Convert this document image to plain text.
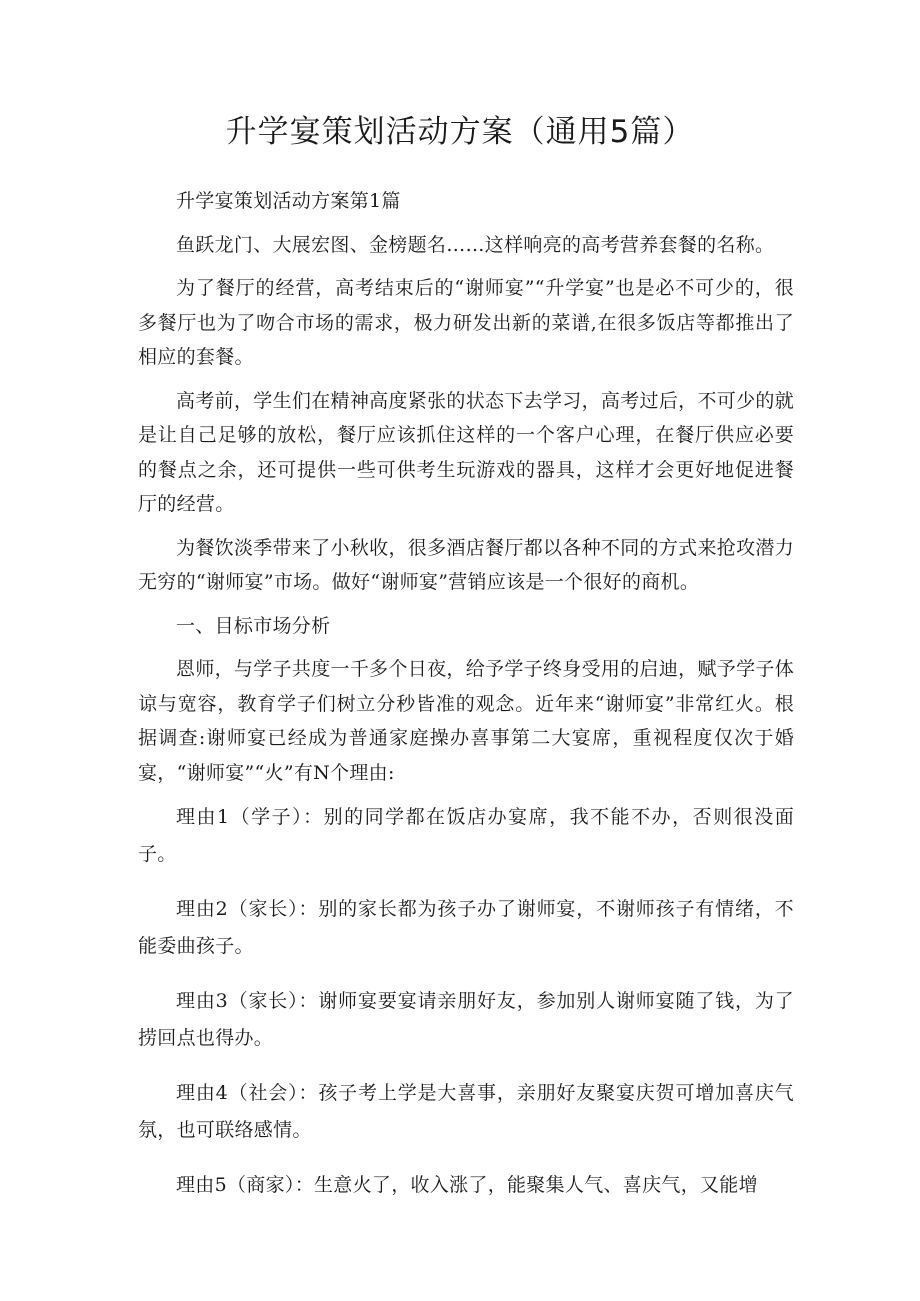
升学宴策划活动方案（通用5篇）

升学宴策划活动方案第1篇

鱼跃龙门、大展宏图、金榜题名……这样响亮的高考营养套餐的名称。

为了餐厅的经营，高考结束后的“谢师宴”“升学宴”也是必不可少的，很多餐厅也为了吻合市场的需求，极力研发出新的菜谱,在很多饭店等都推出了相应的套餐。

高考前，学生们在精神高度紧张的状态下去学习，高考过后，不可少的就是让自己足够的放松，餐厅应该抓住这样的一个客户心理，在餐厅供应必要的餐点之余，还可提供一些可供考生玩游戏的器具，这样才会更好地促进餐厅的经营。

为餐饮淡季带来了小秋收，很多酒店餐厅都以各种不同的方式来抢攻潜力无穷的“谢师宴”市场。做好“谢师宴”营销应该是一个很好的商机。

一、目标市场分析

恩师，与学子共度一千多个日夜，给予学子终身受用的启迪，赋予学子体谅与宽容，教育学子们树立分秒皆准的观念。近年来“谢师宴”非常红火。根据调查:谢师宴已经成为普通家庭操办喜事第二大宴席，重视程度仅次于婚宴，“谢师宴”“火”有N个理由:

理由1（学子）：别的同学都在饭店办宴席，我不能不办，否则很没面子。

理由2（家长）：别的家长都为孩子办了谢师宴，不谢师孩子有情绪，不能委曲孩子。

理由3（家长）：谢师宴要宴请亲朋好友，参加别人谢师宴随了钱，为了捞回点也得办。

理由4（社会）：孩子考上学是大喜事，亲朋好友聚宴庆贺可增加喜庆气氛，也可联络感情。

理由5（商家）：生意火了，收入涨了，能聚集人气、喜庆气，又能增
